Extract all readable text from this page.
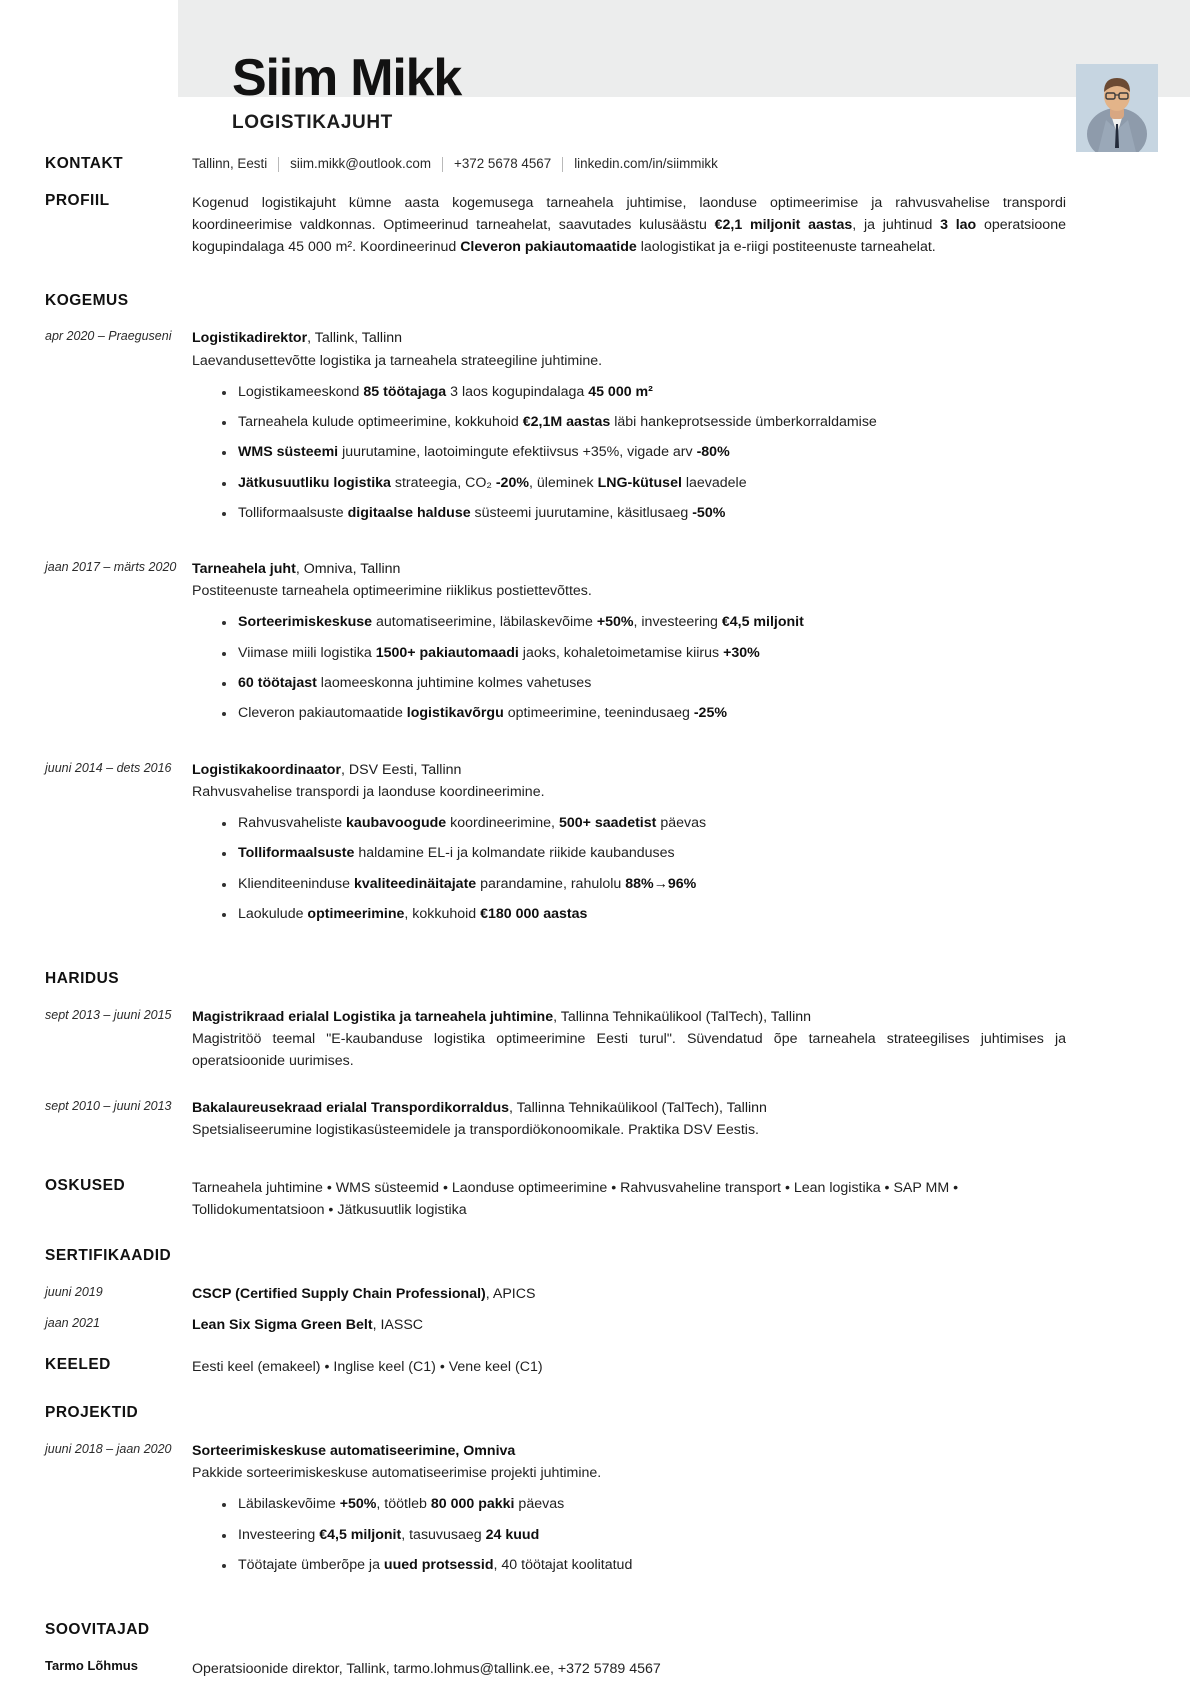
Siim Mikk
LOGISTIKAJUHT
KONTAKT	Tallinn, Eesti siim.mikk@outlook.com +372 5678 4567 linkedin.com/in/siimmikk
PROFIIL	Kogenud logistikajuht kümne aasta kogemusega tarneahela juhtimise, laonduse optimeerimise ja rahvusvahelise transpordi koordineerimise valdkonnas. Optimeerinud tarneahelat, saavutades kulusäästu €2,1 miljonit aastas, ja juhtinud 3 lao operatsioone kogupindalaga 45 000 m². Koordineerinud Cleveron pakiautomaatide laologistikat ja e-riigi postiteenuste tarneahelat.
KOGEMUS
apr 2020 – Praeguseni	Logistikadirektor, Tallink, Tallinn
Laevandusettevõtte logistika ja tarneahela strateegiline juhtimine.
Logistikameeskond 85 töötajaga 3 laos kogupindalaga 45 000 m²
Tarneahela kulude optimeerimine, kokkuhoid €2,1M aastas läbi hankeprotsesside ümberkorraldamise
WMS süsteemi juurutamine, laotoimingute efektiivsus +35%, vigade arv -80%
Jätkusuutliku logistika strateegia, CO₂ -20%, üleminek LNG-kütusel laevadele
Tolliformaalsuste digitaalse halduse süsteemi juurutamine, käsitlusaeg -50%
jaan 2017 – märts 2020	Tarneahela juht, Omniva, Tallinn
Postiteenuste tarneahela optimeerimine riiklikus postiettevõttes.
Sorteerimiskeskuse automatiseerimine, läbilaskevõime +50%, investeering €4,5 miljonit
Viimase miili logistika 1500+ pakiautomaadi jaoks, kohaletoimetamise kiirus +30%
60 töötajast laomeeskonna juhtimine kolmes vahetuses
Cleveron pakiautomaatide logistikavõrgu optimeerimine, teenindusaeg -25%
juuni 2014 – dets 2016	Logistikakoordinaator, DSV Eesti, Tallinn
Rahvusvahelise transpordi ja laonduse koordineerimine.
Rahvusvaheliste kaubavoogude koordineerimine, 500+ saadetist päevas
Tolliformaalsuste haldamine EL-i ja kolmandate riikide kaubanduses
Klienditeeninduse kvaliteedinäitajate parandamine, rahulolu 88%→96%
Laokulude optimeerimine, kokkuhoid €180 000 aastas
HARIDUS
sept 2013 – juuni 2015	Magistrikraad erialal Logistika ja tarneahela juhtimine, Tallinna Tehnikaülikool (TalTech), Tallinn
Magistritöö teemal "E-kaubanduse logistika optimeerimine Eesti turul". Süvendatud õpe tarneahela strateegilises juhtimises ja operatsioonide uurimises.
sept 2010 – juuni 2013	Bakalaureusekraad erialal Transpordikorraldus, Tallinna Tehnikaülikool (TalTech), Tallinn
Spetsialiseerumine logistikasüsteemidele ja transpordiökonoomikale. Praktika DSV Eestis.
OSKUSED	Tarneahela juhtimine • WMS süsteemid • Laonduse optimeerimine • Rahvusvaheline transport • Lean logistika • SAP MM • Tollidokumentatsioon • Jätkusuutlik logistika
SERTIFIKAADID
juuni 2019	CSCP (Certified Supply Chain Professional), APICS
jaan 2021	Lean Six Sigma Green Belt, IASSC
KEELED	Eesti keel (emakeel) • Inglise keel (C1) • Vene keel (C1)
PROJEKTID
juuni 2018 – jaan 2020	Sorteerimiskeskuse automatiseerimine, Omniva
Pakkide sorteerimiskeskuse automatiseerimise projekti juhtimine.
Läbilaskevõime +50%, töötleb 80 000 pakki päevas
Investeering €4,5 miljonit, tasuvusaeg 24 kuud
Töötajate ümberõpe ja uued protsessid, 40 töötajat koolitatud
SOOVITAJAD
Tarmo Lõhmus	Operatsioonide direktor, Tallink, tarmo.lohmus@tallink.ee, +372 5789 4567
